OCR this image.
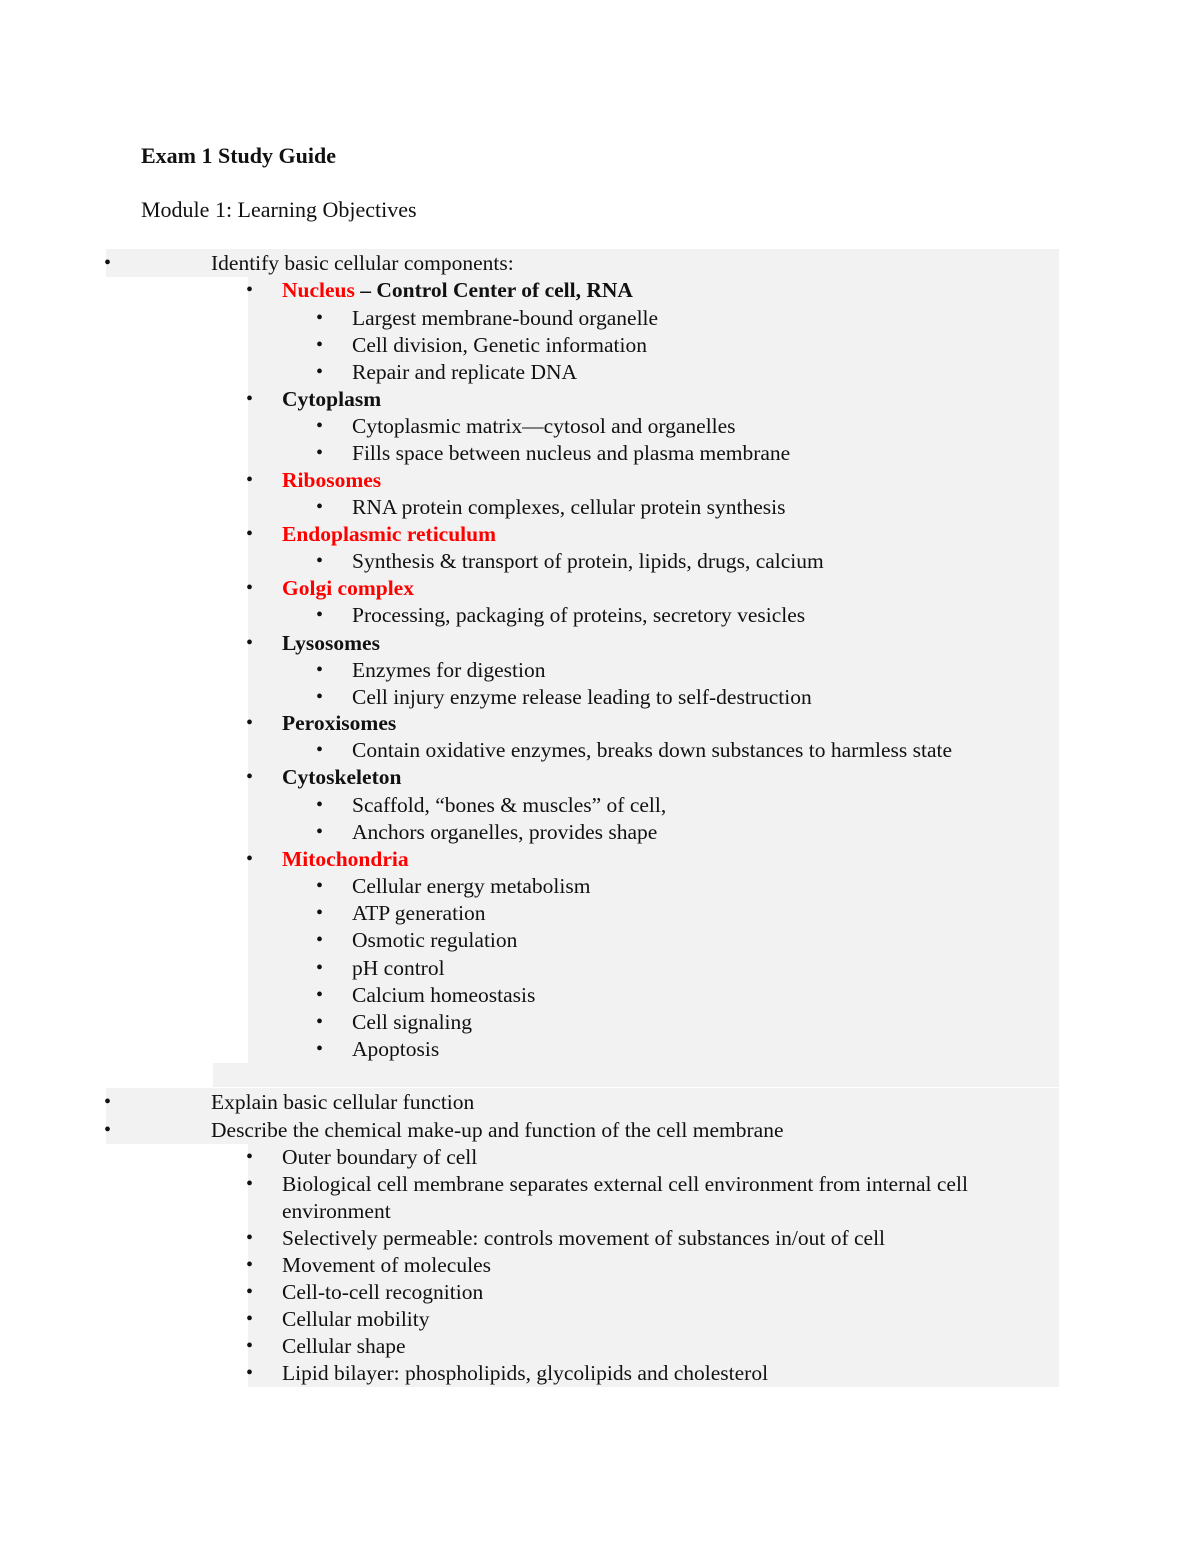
Exam 1 Study Guide

Module 1: Learning Objectives

•	Identify basic cellular components:
• Nucleus – Control Center of cell, RNA
• Largest membrane-bound organelle
• Cell division, Genetic information
• Repair and replicate DNA
• Cytoplasm
• Cytoplasmic matrix—cytosol and organelles
• Fills space between nucleus and plasma membrane
• Ribosomes
• RNA protein complexes, cellular protein synthesis
• Endoplasmic reticulum
• Synthesis & transport of protein, lipids, drugs, calcium
• Golgi complex
• Processing, packaging of proteins, secretory vesicles
• Lysosomes
• Enzymes for digestion
• Cell injury enzyme release leading to self-destruction
• Peroxisomes
• Contain oxidative enzymes, breaks down substances to harmless state
• Cytoskeleton
• Scaffold, “bones & muscles” of cell,
• Anchors organelles, provides shape
• Mitochondria
• Cellular energy metabolism
• ATP generation
• Osmotic regulation
• pH control
• Calcium homeostasis
• Cell signaling
• Apoptosis
•	Explain basic cellular function
•	Describe the chemical make-up and function of the cell membrane
• Outer boundary of cell
• Biological cell membrane separates external cell environment from internal cell
environment
• Selectively permeable: controls movement of substances in/out of cell
• Movement of molecules
• Cell-to-cell recognition
• Cellular mobility
• Cellular shape
• Lipid bilayer: phospholipids, glycolipids and cholesterol
